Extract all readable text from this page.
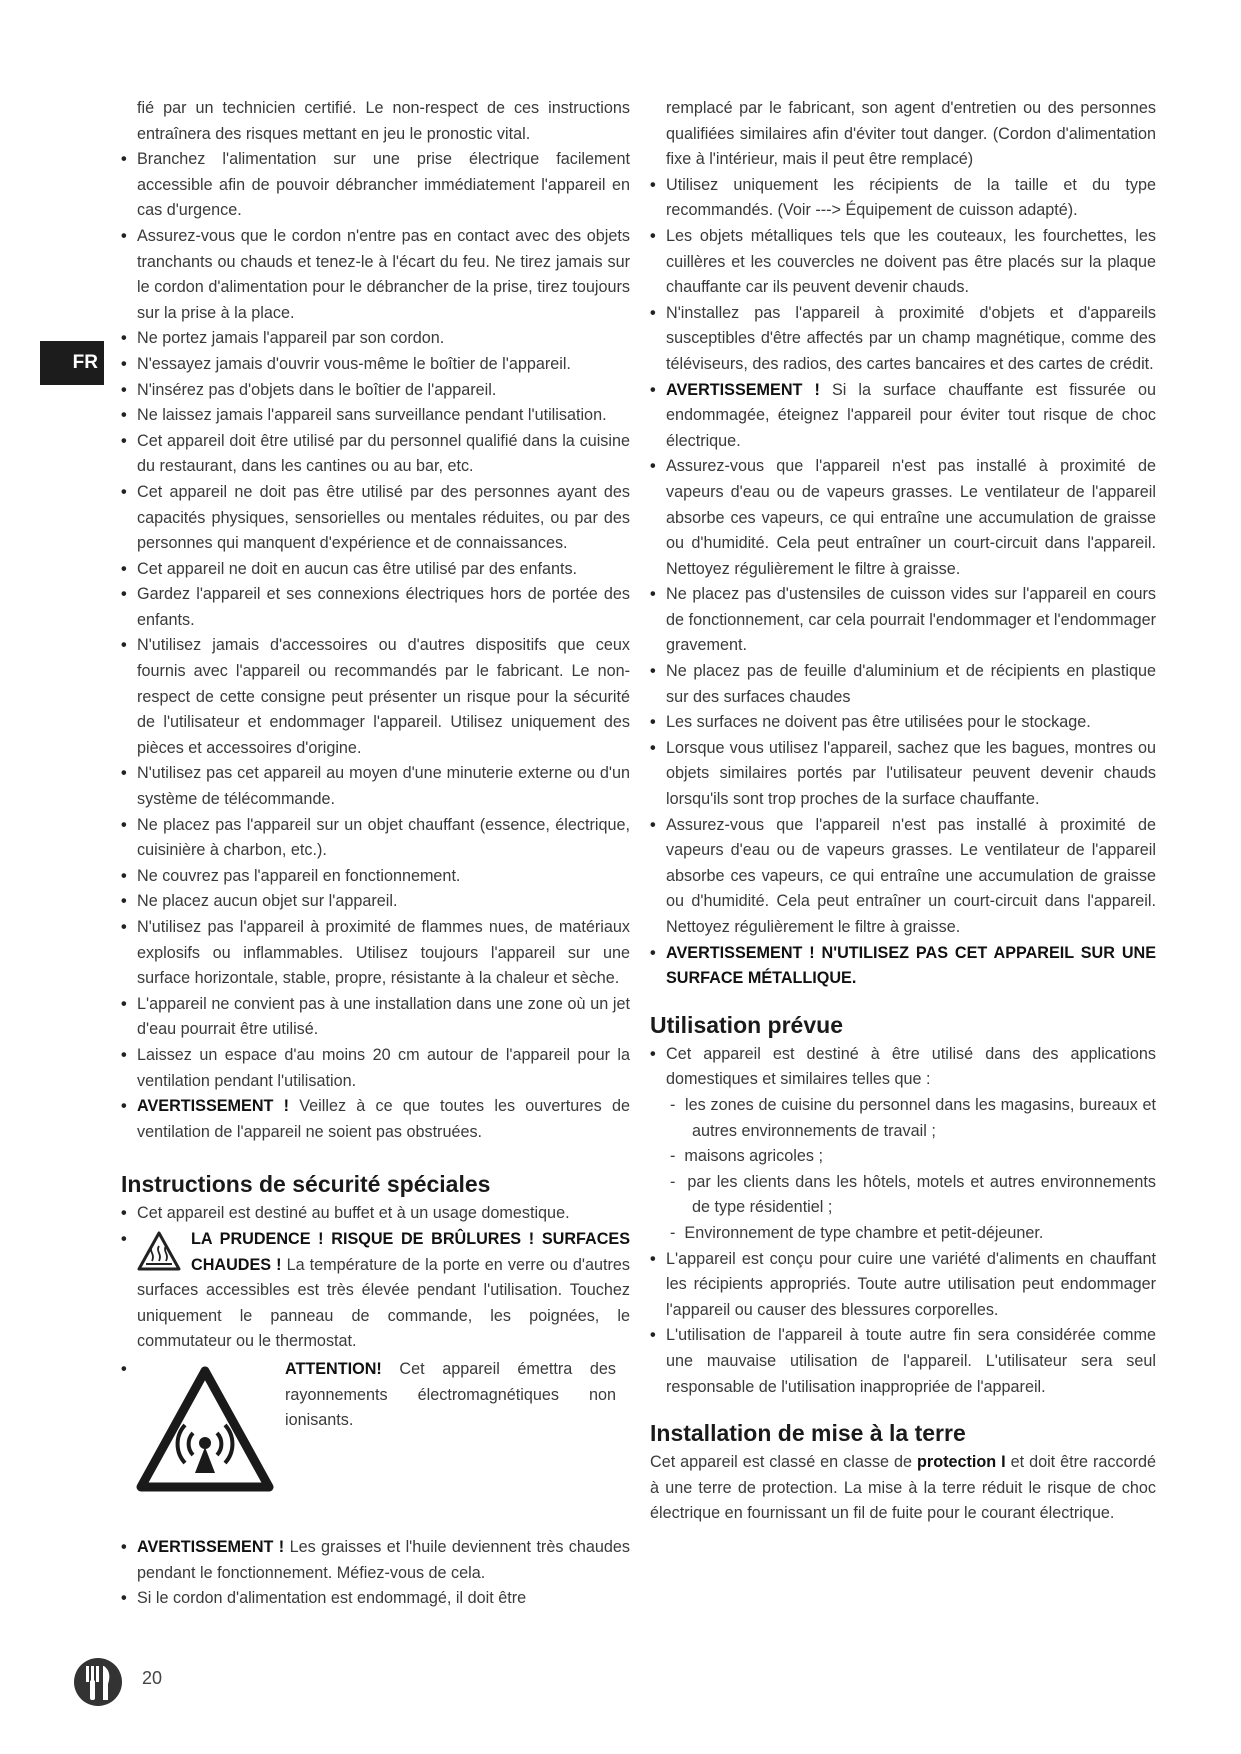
FR

fié par un technicien certifié. Le non-respect de ces instructions entraînera des risques mettant en jeu le pronostic vital.

• Branchez l'alimentation sur une prise électrique facilement accessible afin de pouvoir débrancher immédiatement l'appareil en cas d'urgence.

• Assurez-vous que le cordon n'entre pas en contact avec des objets tranchants ou chauds et tenez-le à l'écart du feu. Ne tirez jamais sur le cordon d'alimentation pour le débrancher de la prise, tirez toujours sur la prise à la place.

• Ne portez jamais l'appareil par son cordon.

• N'essayez jamais d'ouvrir vous-même le boîtier de l'appareil.

• N'insérez pas d'objets dans le boîtier de l'appareil.

• Ne laissez jamais l'appareil sans surveillance pendant l'utilisation.

• Cet appareil doit être utilisé par du personnel qualifié dans la cuisine du restaurant, dans les cantines ou au bar, etc.

• Cet appareil ne doit pas être utilisé par des personnes ayant des capacités physiques, sensorielles ou mentales réduites, ou par des personnes qui manquent d'expérience et de connaissances.

• Cet appareil ne doit en aucun cas être utilisé par des enfants.

• Gardez l'appareil et ses connexions électriques hors de portée des enfants.

• N'utilisez jamais d'accessoires ou d'autres dispositifs que ceux fournis avec l'appareil ou recommandés par le fabricant. Le non-respect de cette consigne peut présenter un risque pour la sécurité de l'utilisateur et endommager l'appareil. Utilisez uniquement des pièces et accessoires d'origine.

• N'utilisez pas cet appareil au moyen d'une minuterie externe ou d'un système de télécommande.

• Ne placez pas l'appareil sur un objet chauffant (essence, électrique, cuisinière à charbon, etc.).

• Ne couvrez pas l'appareil en fonctionnement.

• Ne placez aucun objet sur l'appareil.

• N'utilisez pas l'appareil à proximité de flammes nues, de matériaux explosifs ou inflammables. Utilisez toujours l'appareil sur une surface horizontale, stable, propre, résistante à la chaleur et sèche.

• L'appareil ne convient pas à une installation dans une zone où un jet d'eau pourrait être utilisé.

• Laissez un espace d'au moins 20 cm autour de l'appareil pour la ventilation pendant l'utilisation.

• AVERTISSEMENT ! Veillez à ce que toutes les ouvertures de ventilation de l'appareil ne soient pas obstruées.

Instructions de sécurité spéciales

• Cet appareil est destiné au buffet et à un usage domestique.

• LA PRUDENCE ! RISQUE DE BRÛLURES ! SURFACES CHAUDES ! La température de la porte en verre ou d'autres surfaces accessibles est très élevée pendant l'utilisation. Touchez uniquement le panneau de commande, les poignées, le commutateur ou le thermostat.

• ATTENTION! Cet appareil émettra des rayonnements électromagnétiques non ionisants.

• AVERTISSEMENT ! Les graisses et l'huile deviennent très chaudes pendant le fonctionnement. Méfiez-vous de cela.

• Si le cordon d'alimentation est endommagé, il doit être

remplacé par le fabricant, son agent d'entretien ou des personnes qualifiées similaires afin d'éviter tout danger. (Cordon d'alimentation fixe à l'intérieur, mais il peut être remplacé)

• Utilisez uniquement les récipients de la taille et du type recommandés. (Voir ---> Équipement de cuisson adapté).

• Les objets métalliques tels que les couteaux, les fourchettes, les cuillères et les couvercles ne doivent pas être placés sur la plaque chauffante car ils peuvent devenir chauds.

• N'installez pas l'appareil à proximité d'objets et d'appareils susceptibles d'être affectés par un champ magnétique, comme des téléviseurs, des radios, des cartes bancaires et des cartes de crédit.

• AVERTISSEMENT ! Si la surface chauffante est fissurée ou endommagée, éteignez l'appareil pour éviter tout risque de choc électrique.

• Assurez-vous que l'appareil n'est pas installé à proximité de vapeurs d'eau ou de vapeurs grasses. Le ventilateur de l'appareil absorbe ces vapeurs, ce qui entraîne une accumulation de graisse ou d'humidité. Cela peut entraîner un court-circuit dans l'appareil. Nettoyez régulièrement le filtre à graisse.

• Ne placez pas d'ustensiles de cuisson vides sur l'appareil en cours de fonctionnement, car cela pourrait l'endommager et l'endommager gravement.

• Ne placez pas de feuille d'aluminium et de récipients en plastique sur des surfaces chaudes

• Les surfaces ne doivent pas être utilisées pour le stockage.

• Lorsque vous utilisez l'appareil, sachez que les bagues, montres ou objets similaires portés par l'utilisateur peuvent devenir chauds lorsqu'ils sont trop proches de la surface chauffante.

• Assurez-vous que l'appareil n'est pas installé à proximité de vapeurs d'eau ou de vapeurs grasses. Le ventilateur de l'appareil absorbe ces vapeurs, ce qui entraîne une accumulation de graisse ou d'humidité. Cela peut entraîner un court-circuit dans l'appareil. Nettoyez régulièrement le filtre à graisse.

• AVERTISSEMENT ! N'UTILISEZ PAS CET APPAREIL SUR UNE SURFACE MÉTALLIQUE.

Utilisation prévue

• Cet appareil est destiné à être utilisé dans des applications domestiques et similaires telles que :

-  les zones de cuisine du personnel dans les magasins, bureaux et autres environnements de travail ;

-  maisons agricoles ;

-  par les clients dans les hôtels, motels et autres environnements de type résidentiel ;

-  Environnement de type chambre et petit-déjeuner.

• L'appareil est conçu pour cuire une variété d'aliments en chauffant les récipients appropriés. Toute autre utilisation peut endommager l'appareil ou causer des blessures corporelles.

• L'utilisation de l'appareil à toute autre fin sera considérée comme une mauvaise utilisation de l'appareil. L'utilisateur sera seul responsable de l'utilisation inappropriée de l'appareil.

Installation de mise à la terre

Cet appareil est classé en classe de protection I et doit être raccordé à une terre de protection. La mise à la terre réduit le risque de choc électrique en fournissant un fil de fuite pour le courant électrique.

20
